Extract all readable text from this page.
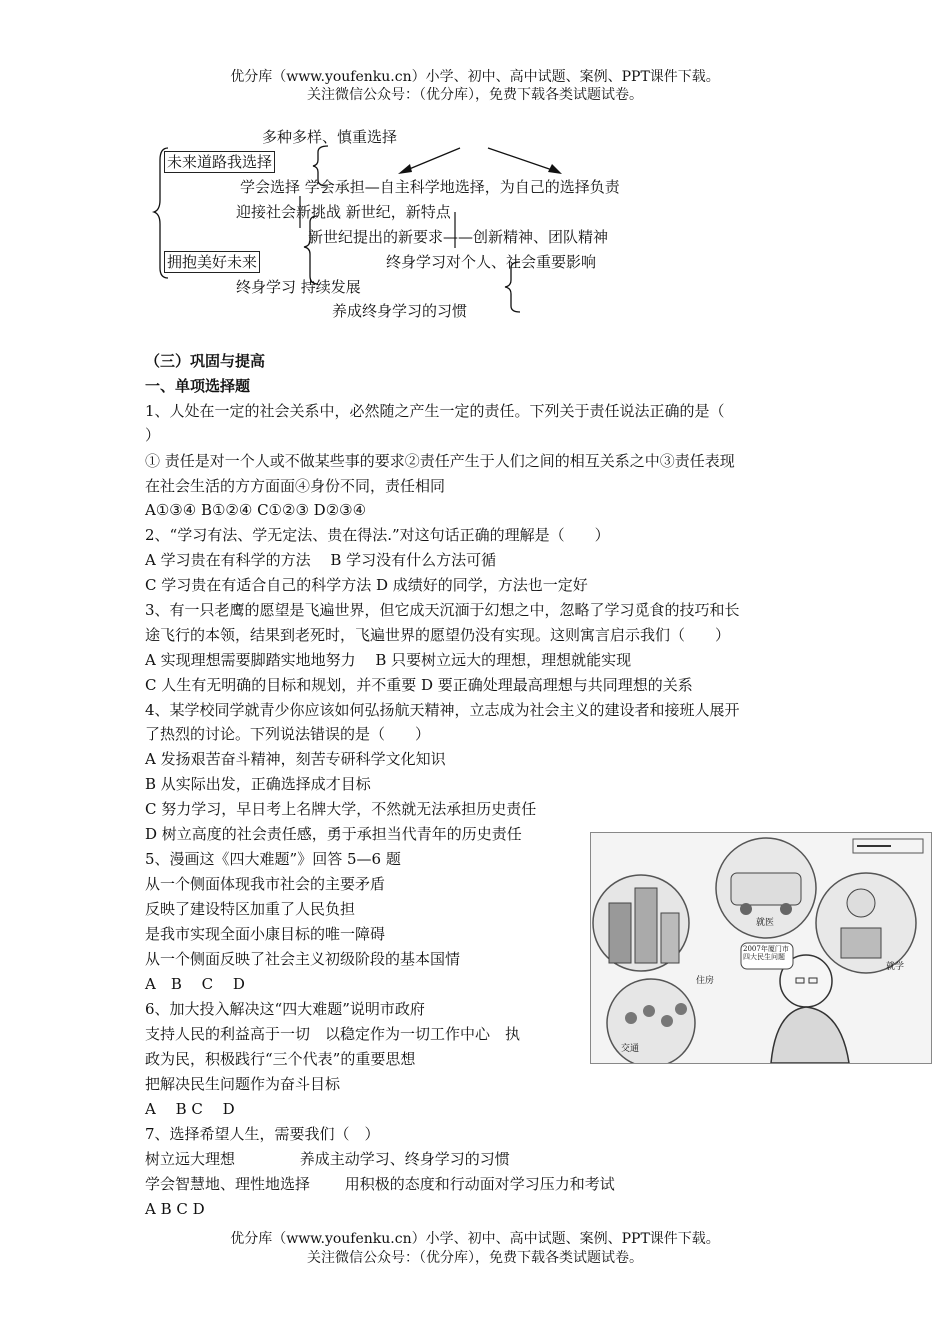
优分库（www.youfenku.cn）小学、初中、高中试题、案例、PPT课件下载。
关注微信公众号：（优分库），免费下载各类试题试卷。
多种多样、慎重选择
未来道路我选择
学会选择 学会承担—自主科学地选择，为自己的选择负责
迎接社会新挑战 新世纪，新特点
新世纪提出的新要求——创新精神、团队精神
拥抱美好未来	终身学习对个人、社会重要影响
终身学习 持续发展
养成终身学习的习惯
（三）巩固与提高
一、单项选择题
1、人处在一定的社会关系中，必然随之产生一定的责任。下列关于责任说法正确的是（
）
① 责任是对一个人或不做某些事的要求②责任产生于人们之间的相互关系之中③责任表现
在社会生活的方方面面④身份不同，责任相同
A①③④ B①②④ C①②③ D②③④
2、“学习有法、学无定法、贵在得法.”对这句话正确的理解是（　　）
A 学习贵在有科学的方法　 B 学习没有什么方法可循
C 学习贵在有适合自己的科学方法 D 成绩好的同学，方法也一定好
3、有一只老鹰的愿望是飞遍世界，但它成天沉湎于幻想之中，忽略了学习觅食的技巧和长
途飞行的本领，结果到老死时，飞遍世界的愿望仍没有实现。这则寓言启示我们（　　）
A 实现理想需要脚踏实地地努力　 B 只要树立远大的理想，理想就能实现
C 人生有无明确的目标和规划，并不重要 D 要正确处理最高理想与共同理想的关系
4、某学校同学就青少你应该如何弘扬航天精神，立志成为社会主义的建设者和接班人展开
了热烈的讨论。下列说法错误的是（　　）
A 发扬艰苦奋斗精神，刻苦专研科学文化知识
B 从实际出发，正确选择成才目标
C 努力学习，早日考上名牌大学，不然就无法承担历史责任
D 树立高度的社会责任感，勇于承担当代青年的历史责任
5、漫画这《四大难题”》回答 5—6 题
从一个侧面体现我市社会的主要矛盾
反映了建设特区加重了人民负担
是我市实现全面小康目标的唯一障碍
从一个侧面反映了社会主义初级阶段的基本国情
A　B　 C　 D
6、加大投入解决这“四大难题”说明市政府
支持人民的利益高于一切　以稳定作为一切工作中心　执
政为民，积极践行“三个代表”的重要思想
把解决民生问题作为奋斗目标
A　 B C　 D
7、选择希望人生，需要我们（　）
树立远大理想　　　　 养成主动学习、终身学习的习惯
学会智慧地、理性地选择　　 用积极的态度和行动面对学习压力和考试
A B C D
住房
就医
就学
交通
2007年厦门市四大民生问题
优分库（www.youfenku.cn）小学、初中、高中试题、案例、PPT课件下载。
关注微信公众号：（优分库），免费下载各类试题试卷。
